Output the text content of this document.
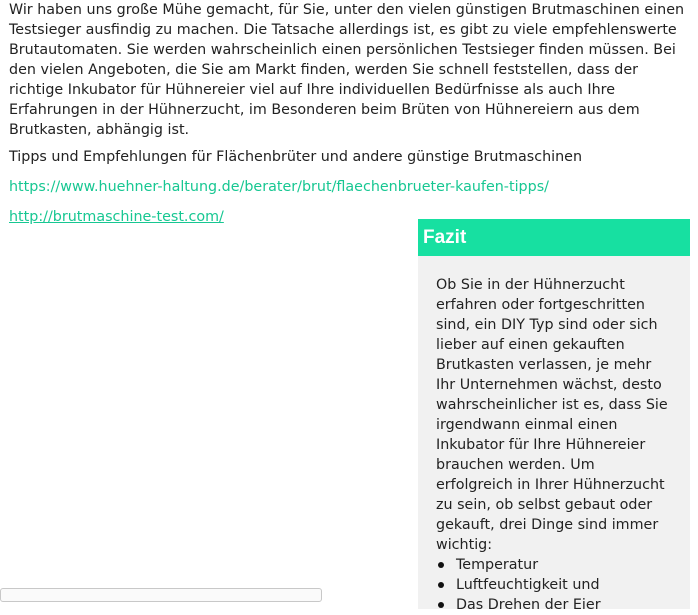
Wir haben uns große Mühe gemacht, für Sie, unter den vielen günstigen Brutmaschinen einen Testsieger ausfindig zu machen. Die Tatsache allerdings ist, es gibt zu viele empfehlenswerte Brutautomaten. Sie werden wahrscheinlich einen persönlichen Testsieger finden müssen. Bei den vielen Angeboten, die Sie am Markt finden, werden Sie schnell feststellen, dass der richtige Inkubator für Hühnereier viel auf Ihre individuellen Bedürfnisse als auch Ihre Erfahrungen in der Hühnerzucht, im Besonderen beim Brüten von Hühnereiern aus dem Brutkasten, abhängig ist.

Tipps und Empfehlungen für Flächenbrüter und andere günstige Brutmaschinen

https://www.huehner-haltung.de/berater/brut/flaechenbrueter-kaufen-tipps/
http://brutmaschine-test.com/
Fazit

Ob Sie in der Hühnerzucht erfahren oder fortgeschritten sind, ein DIY Typ sind oder sich lieber auf einen gekauften Brutkasten verlassen, je mehr Ihr Unternehmen wächst, desto wahrscheinlicher ist es, dass Sie irgendwann einmal einen Inkubator für Ihre Hühnereier brauchen werden. Um erfolgreich in Ihrer Hühnerzucht zu sein, ob selbst gebaut oder gekauft, drei Dinge sind immer wichtig:

Temperatur
Luftfeuchtigkeit und
Das Drehen der Eier
